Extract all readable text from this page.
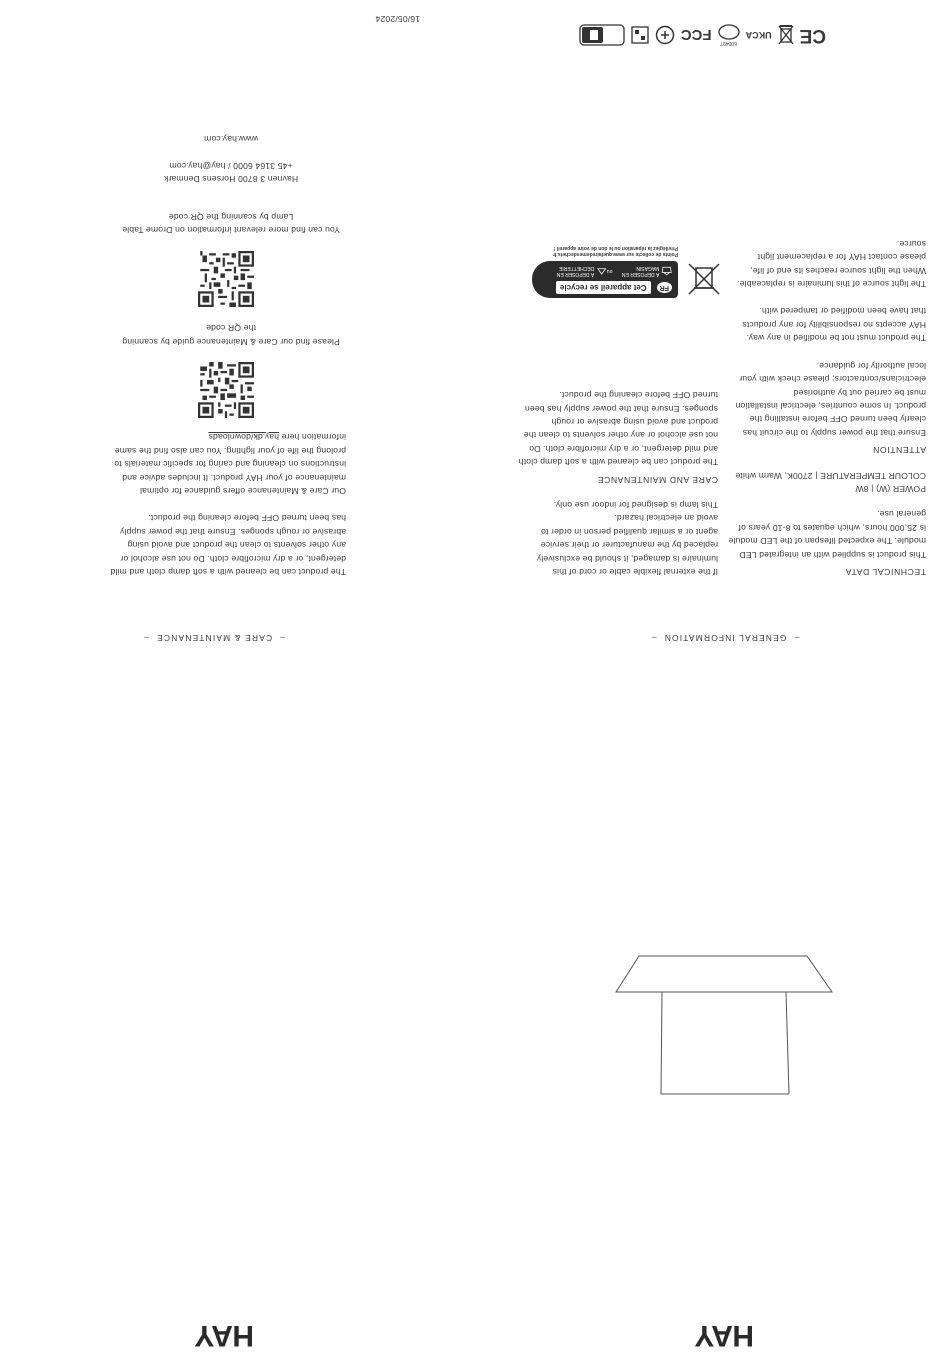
–  CARE & MAINTENANCE  –

The product can be cleaned with a soft damp cloth and mild detergent, or a dry microfibre cloth. Do not use alcohol or any other solvents to clean the product and avoid using abrasive or rough sponges. Ensure that the power supply has been turned OFF before cleaning the product.

Our Care & Maintenance offers guidance for optimal maintenance of your HAY product. It includes advice and instructions on cleaning and caring for specific materials to prolong the life of your lighting. You can also find the same information here hay.dk/downloads

Please find our Care & Maintenance guide by scanning the QR code

You can find more relevant information on Drome Table Lamp by scanning the QR code

Havnen 3 8700 Horsens Denmark

+45 3164 6000 / hay@hay.com

www.hay.com

16/05/2024
–  GENERAL INFORMATION  –

TECHNICAL DATA

This product is supplied with an integrated LED module. The expected lifespan of the LED module is 25,000 hours, which equates to 8-10 years of general use.

POWER (W) | 8W

COLOUR TEMPERATURE | 2700K, Warm white

ATTENTION

Ensure that the power supply to the circuit has clearly been turned OFF before installing the product. In some countries, electrical installation must be carried out by authorised electricians/contractors; please check with your local authority for guidance.

The product must not be modified in any way. HAY accepts no responsibility for any products that have been modified or tampered with.

The light source of this luminaire is replaceable. When the light source reaches its end of life, please contact HAY for a replacement light source.

If the external flexible cable or cord of this luminaire is damaged, it should be exclusively replaced by the manufacturer or their service agent or a similar qualified person in order to avoid an electrical hazard.

This lamp is designed for indoor use only.

CARE AND MAINTENANCE

The product can be cleaned with a soft damp cloth and mild detergent, or a dry microfibre cloth. Do not use alcohol or any other solvents to clean the product and avoid using abrasive or rough sponges. Ensure that the power supply has been turned OFF before cleaning the product.

FR
Cet appareil se recycle
À DÉPOSER EN MAGASIN
ou
À DÉPOSER EN DÉCHETTERIE

Points de collecte sur www.quefairedemesdechets.fr Privilégiez la réparation ou le don de votre appareil !

CE
UKCA
600497
FCC
HAY
HAY
